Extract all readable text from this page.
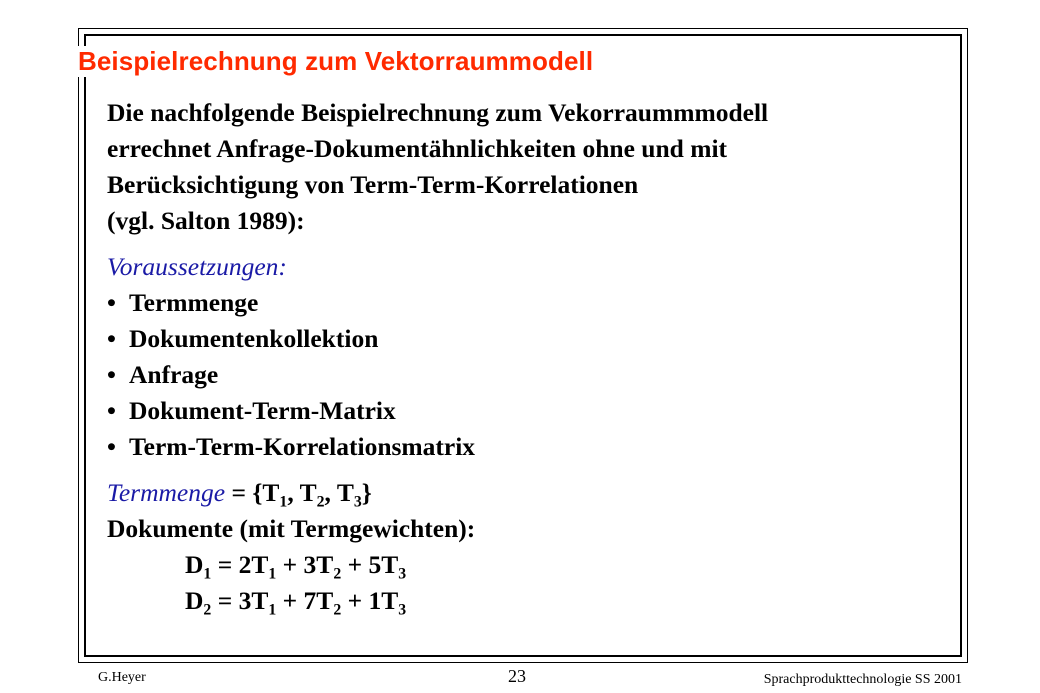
Beispielrechnung zum Vektorraummodell

Die nachfolgende Beispielrechnung zum Vekorraummmodell
errechnet Anfrage-Dokumentähnlichkeiten ohne und mit
Berücksichtigung von Term-Term-Korrelationen
(vgl. Salton 1989):

Voraussetzungen:
• Termmenge
• Dokumentenkollektion
• Anfrage
• Dokument-Term-Matrix
• Term-Term-Korrelationsmatrix
Termmenge = {$T_1$, $T_2$, $T_3$}
Dokumente (mit Termgewichten):
$D_1 = 2T_1 + 3T_2 + 5T_3$
$D_2 = 3T_1 + 7T_2 + 1T_3$
G.Heyer	23	Sprachprodukttechnologie SS 2001
